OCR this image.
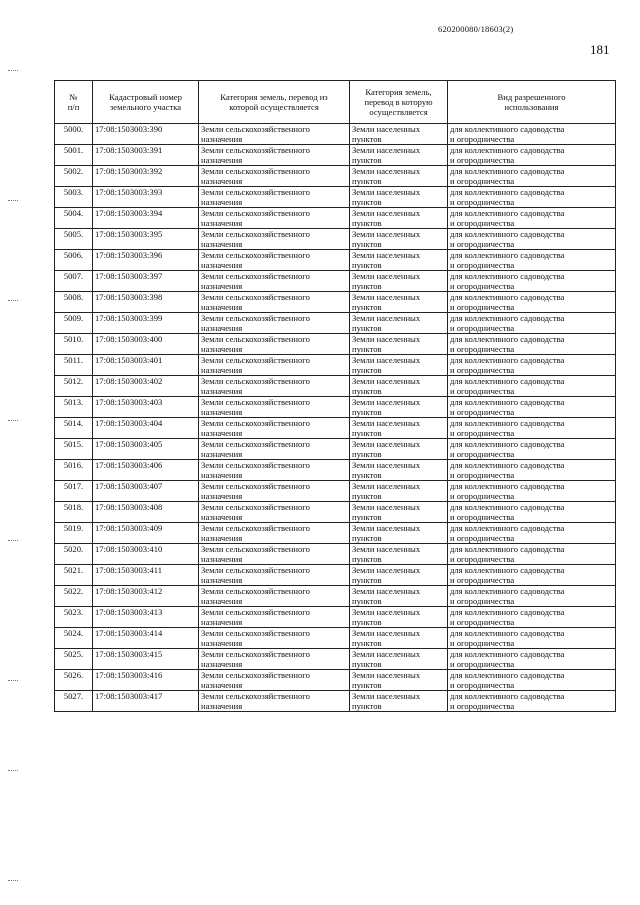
620200080/18603(2)
181
№
п/п	Кадастровый номер
земельного участка	Категория земель, перевод из
которой осуществляется	Категория земель,
перевод в которую
осуществляется	Вид разрешенного
использования

5000.	17:08:1503003:390	Земли сельскохозяйственного
назначения	Земли населенных
пунктов	для коллективного садоводства
и огородничества

5001.	17:08:1503003:391	Земли сельскохозяйственного
назначения	Земли населенных
пунктов	для коллективного садоводства
и огородничества

5002.	17:08:1503003:392	Земли сельскохозяйственного
назначения	Земли населенных
пунктов	для коллективного садоводства
и огородничества

5003.	17:08:1503003:393	Земли сельскохозяйственного
назначения	Земли населенных
пунктов	для коллективного садоводства
и огородничества

5004.	17:08:1503003:394	Земли сельскохозяйственного
назначения	Земли населенных
пунктов	для коллективного садоводства
и огородничества

5005.	17:08:1503003:395	Земли сельскохозяйственного
назначения	Земли населенных
пунктов	для коллективного садоводства
и огородничества

5006.	17:08:1503003:396	Земли сельскохозяйственного
назначения	Земли населенных
пунктов	для коллективного садоводства
и огородничества

5007.	17:08:1503003:397	Земли сельскохозяйственного
назначения	Земли населенных
пунктов	для коллективного садоводства
и огородничества

5008.	17:08:1503003:398	Земли сельскохозяйственного
назначения	Земли населенных
пунктов	для коллективного садоводства
и огородничества

5009.	17:08:1503003:399	Земли сельскохозяйственного
назначения	Земли населенных
пунктов	для коллективного садоводства
и огородничества

5010.	17:08:1503003:400	Земли сельскохозяйственного
назначения	Земли населенных
пунктов	для коллективного садоводства
и огородничества

5011.	17:08:1503003:401	Земли сельскохозяйственного
назначения	Земли населенных
пунктов	для коллективного садоводства
и огородничества

5012.	17:08:1503003:402	Земли сельскохозяйственного
назначения	Земли населенных
пунктов	для коллективного садоводства
и огородничества

5013.	17:08:1503003:403	Земли сельскохозяйственного
назначения	Земли населенных
пунктов	для коллективного садоводства
и огородничества

5014.	17:08:1503003:404	Земли сельскохозяйственного
назначения	Земли населенных
пунктов	для коллективного садоводства
и огородничества

5015.	17:08:1503003:405	Земли сельскохозяйственного
назначения	Земли населенных
пунктов	для коллективного садоводства
и огородничества

5016.	17:08:1503003:406	Земли сельскохозяйственного
назначения	Земли населенных
пунктов	для коллективного садоводства
и огородничества

5017.	17:08:1503003:407	Земли сельскохозяйственного
назначения	Земли населенных
пунктов	для коллективного садоводства
и огородничества

5018.	17:08:1503003:408	Земли сельскохозяйственного
назначения	Земли населенных
пунктов	для коллективного садоводства
и огородничества

5019.	17:08:1503003:409	Земли сельскохозяйственного
назначения	Земли населенных
пунктов	для коллективного садоводства
и огородничества

5020.	17:08:1503003:410	Земли сельскохозяйственного
назначения	Земли населенных
пунктов	для коллективного садоводства
и огородничества

5021.	17:08:1503003:411	Земли сельскохозяйственного
назначения	Земли населенных
пунктов	для коллективного садоводства
и огородничества

5022.	17:08:1503003:412	Земли сельскохозяйственного
назначения	Земли населенных
пунктов	для коллективного садоводства
и огородничества

5023.	17:08:1503003:413	Земли сельскохозяйственного
назначения	Земли населенных
пунктов	для коллективного садоводства
и огородничества

5024.	17:08:1503003:414	Земли сельскохозяйственного
назначения	Земли населенных
пунктов	для коллективного садоводства
и огородничества

5025.	17:08:1503003:415	Земли сельскохозяйственного
назначения	Земли населенных
пунктов	для коллективного садоводства
и огородничества

5026.	17:08:1503003:416	Земли сельскохозяйственного
назначения	Земли населенных
пунктов	для коллективного садоводства
и огородничества

5027.	17:08:1503003:417	Земли сельскохозяйственного
назначения	Земли населенных
пунктов	для коллективного садоводства
и огородничества
